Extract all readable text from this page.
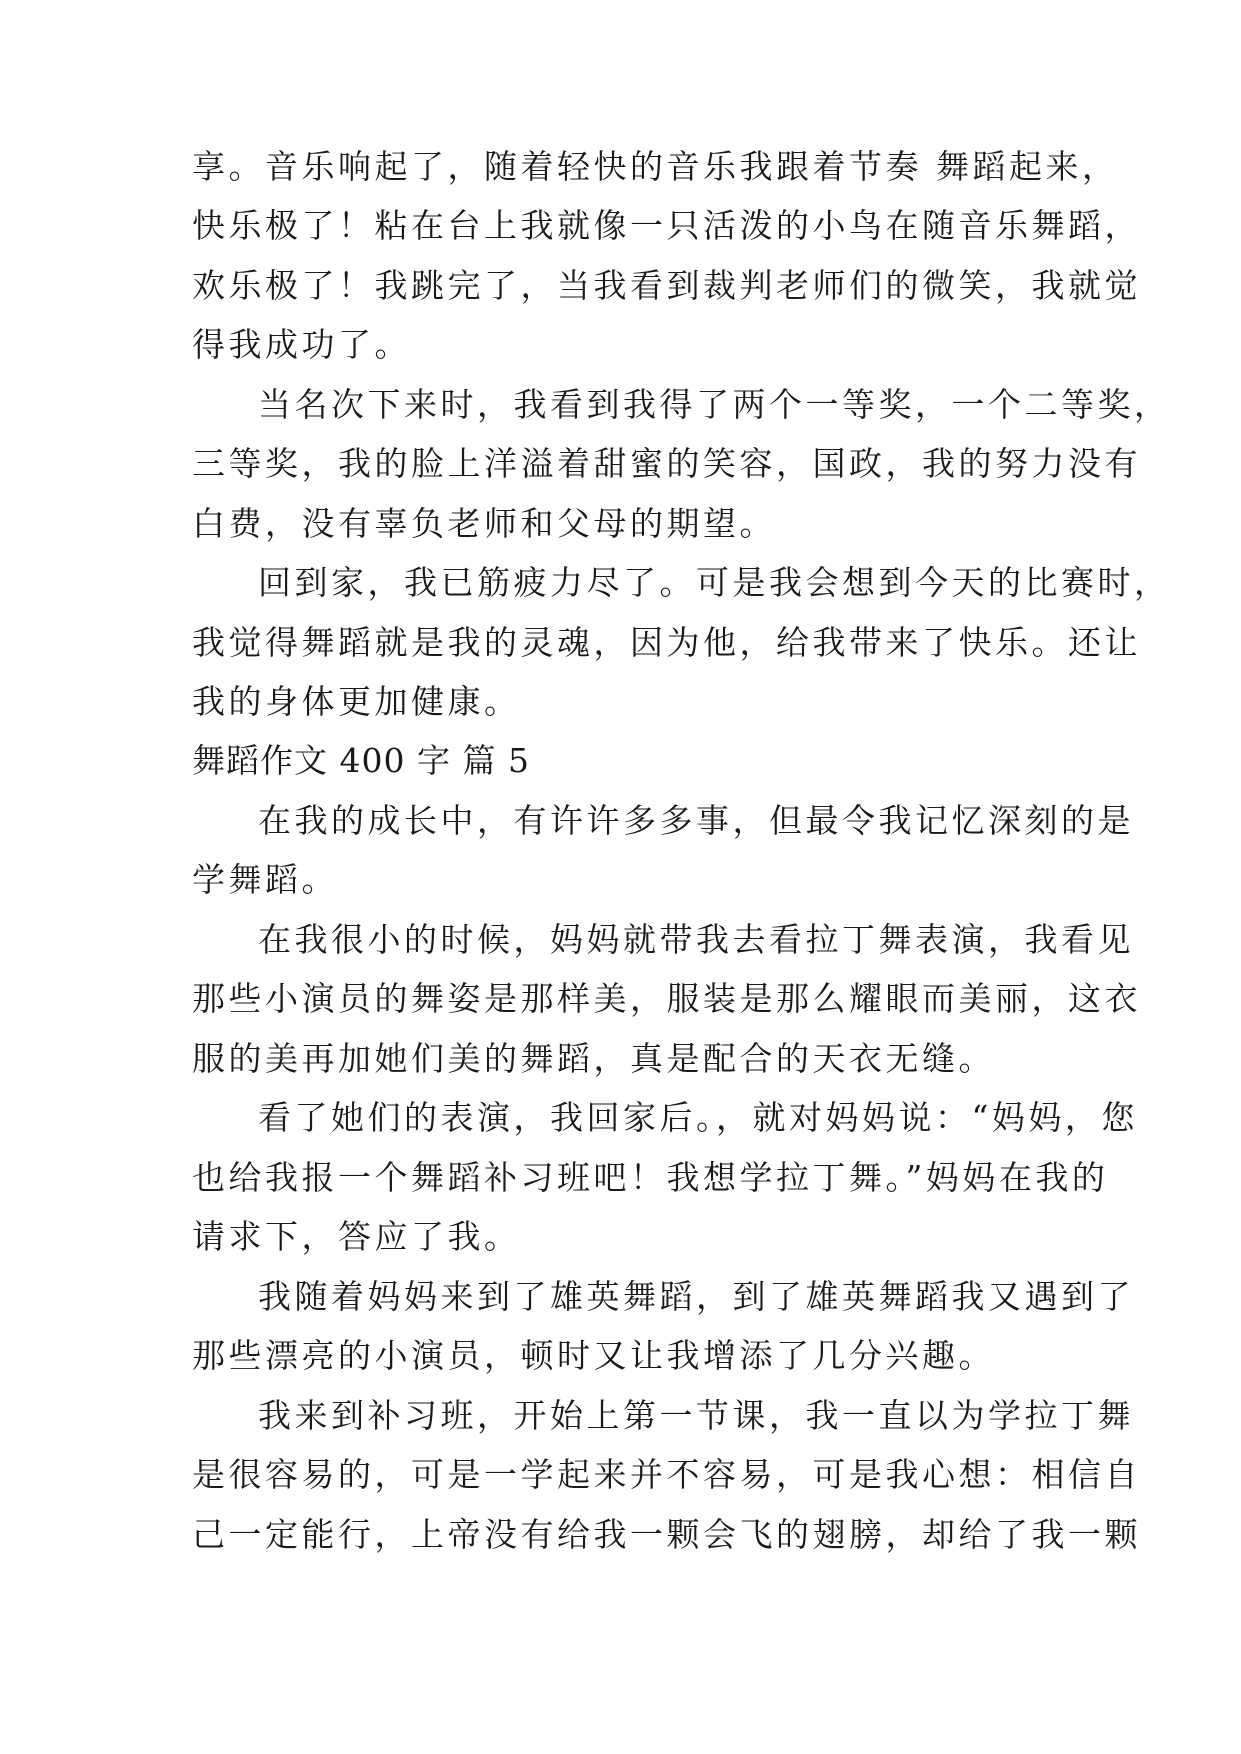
享。音乐响起了，随着轻快的音乐我跟着节奏 舞蹈起来，
快乐极了！粘在台上我就像一只活泼的小鸟在随音乐舞蹈，
欢乐极了！我跳完了，当我看到裁判老师们的微笑，我就觉
得我成功了。
当名次下来时，我看到我得了两个一等奖，一个二等奖，
三等奖，我的脸上洋溢着甜蜜的笑容，国政，我的努力没有
白费，没有辜负老师和父母的期望。
回到家，我已筋疲力尽了。可是我会想到今天的比赛时，
我觉得舞蹈就是我的灵魂，因为他，给我带来了快乐。还让
我的身体更加健康。
舞蹈作文 400 字 篇 5
在我的成长中，有许许多多事，但最令我记忆深刻的是
学舞蹈。
在我很小的时候，妈妈就带我去看拉丁舞表演，我看见
那些小演员的舞姿是那样美，服装是那么耀眼而美丽，这衣
服的美再加她们美的舞蹈，真是配合的天衣无缝。
看了她们的表演，我回家后。，就对妈妈说：“妈妈，您
也给我报一个舞蹈补习班吧！我想学拉丁舞。”妈妈在我的
请求下，答应了我。
我随着妈妈来到了雄英舞蹈，到了雄英舞蹈我又遇到了
那些漂亮的小演员，顿时又让我增添了几分兴趣。
我来到补习班，开始上第一节课，我一直以为学拉丁舞
是很容易的，可是一学起来并不容易，可是我心想：相信自
己一定能行，上帝没有给我一颗会飞的翅膀，却给了我一颗
